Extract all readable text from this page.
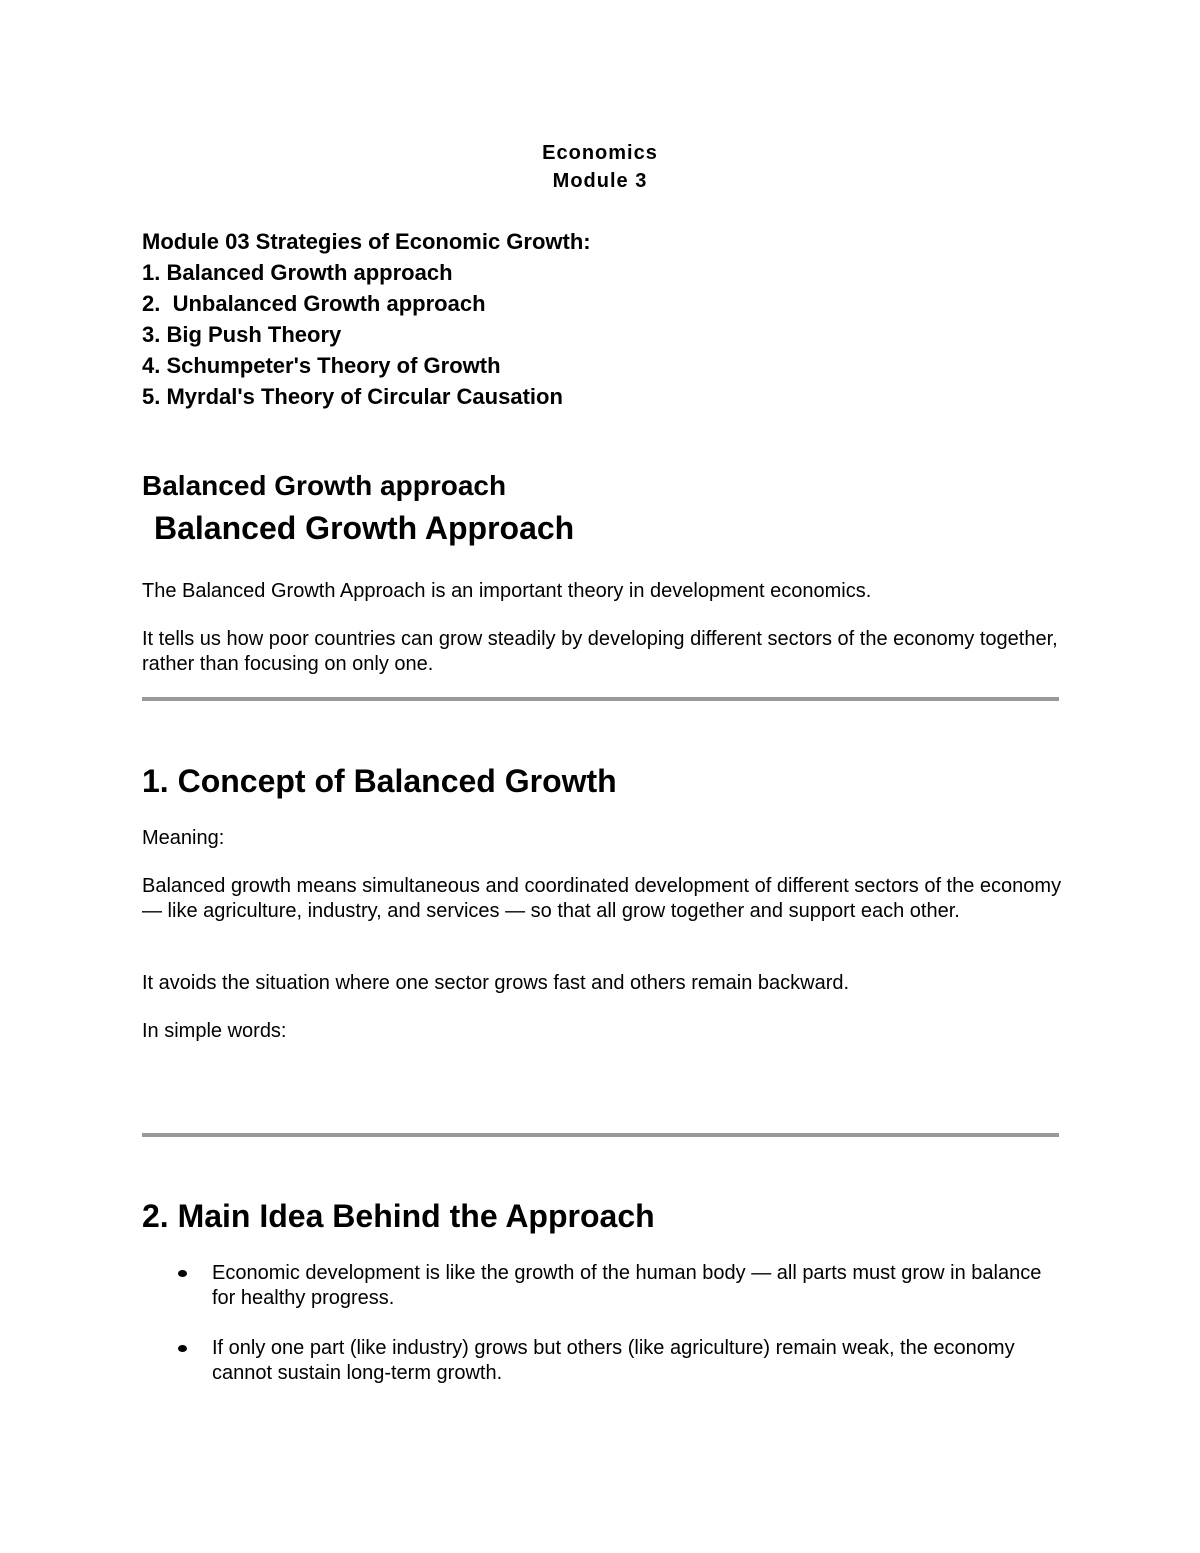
Economics
Module 3
Module 03 Strategies of Economic Growth:
1. Balanced Growth approach
2.  Unbalanced Growth approach
3. Big Push Theory
4. Schumpeter's Theory of Growth
5. Myrdal's Theory of Circular Causation
Balanced Growth approach
Balanced Growth Approach
The Balanced Growth Approach is an important theory in development economics.
It tells us how poor countries can grow steadily by developing different sectors of the economy together, rather than focusing on only one.
1. Concept of Balanced Growth
Meaning:
Balanced growth means simultaneous and coordinated development of different sectors of the economy — like agriculture, industry, and services — so that all grow together and support each other.
It avoids the situation where one sector grows fast and others remain backward.
In simple words:
2. Main Idea Behind the Approach
Economic development is like the growth of the human body — all parts must grow in balance for healthy progress.
If only one part (like industry) grows but others (like agriculture) remain weak, the economy cannot sustain long-term growth.
